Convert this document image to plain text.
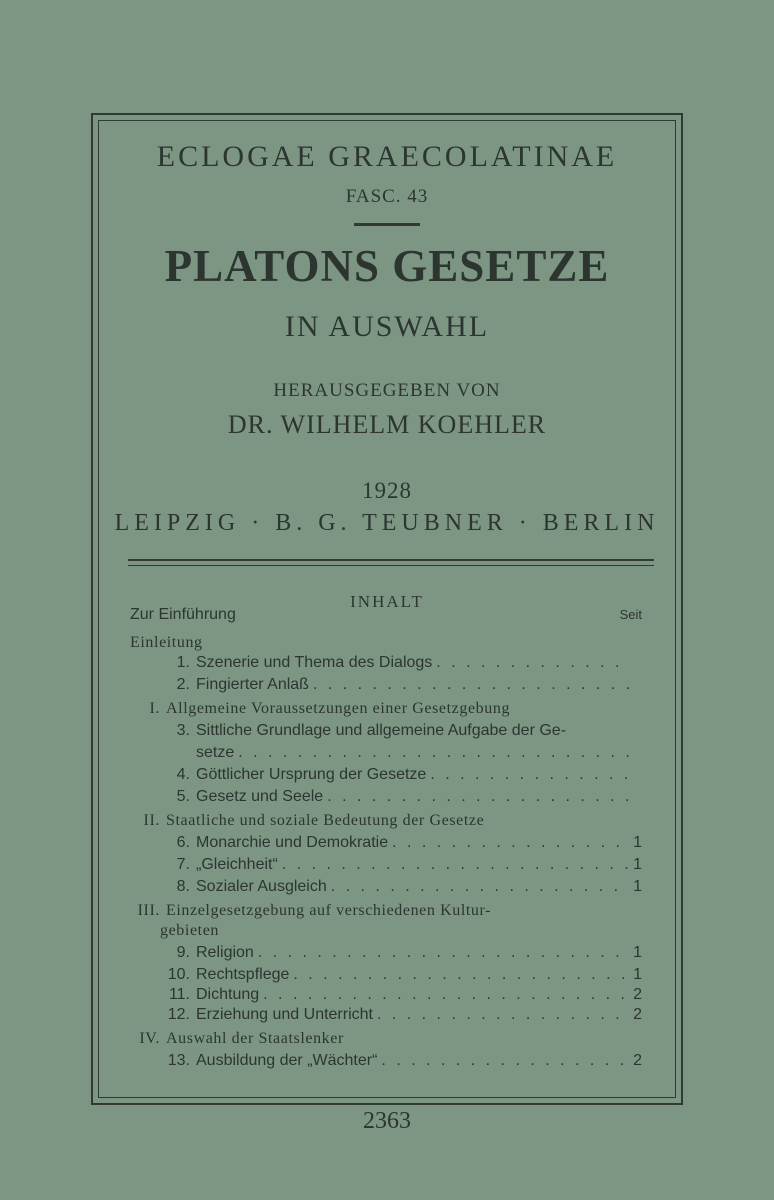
ECLOGAE GRAECOLATINAE
FASC. 43
PLATONS GESETZE
IN AUSWAHL
HERAUSGEGEBEN VON
DR. WILHELM KOEHLER
1928
LEIPZIG · B. G. TEUBNER · BERLIN
INHALT
Zur Einführung	Seit
Einleitung
1. Szenerie und Thema des Dialogs
. . .
2. Fingierter Anlaß
. . .
I. Allgemeine Voraussetzungen einer Gesetzgebung
3. Sittliche Grundlage und allgemeine Aufgabe der Ge-
setze
. . .
4. Göttlicher Ursprung der Gesetze
. . .
5. Gesetz und Seele
. . .
II. Staatliche und soziale Bedeutung der Gesetze
6. Monarchie und Demokratie . . .	1
7. „Gleichheit“ . . .	1
8. Sozialer Ausgleich . . .	1
III. Einzelgesetzgebung auf verschiedenen Kultur-
gebieten
9. Religion . . .	1
10. Rechtspflege . . .	1
11. Dichtung . . .	2
12. Erziehung und Unterricht . . .	2
IV. Auswahl der Staatslenker
13. Ausbildung der „Wächter“ . . .	2
2363
